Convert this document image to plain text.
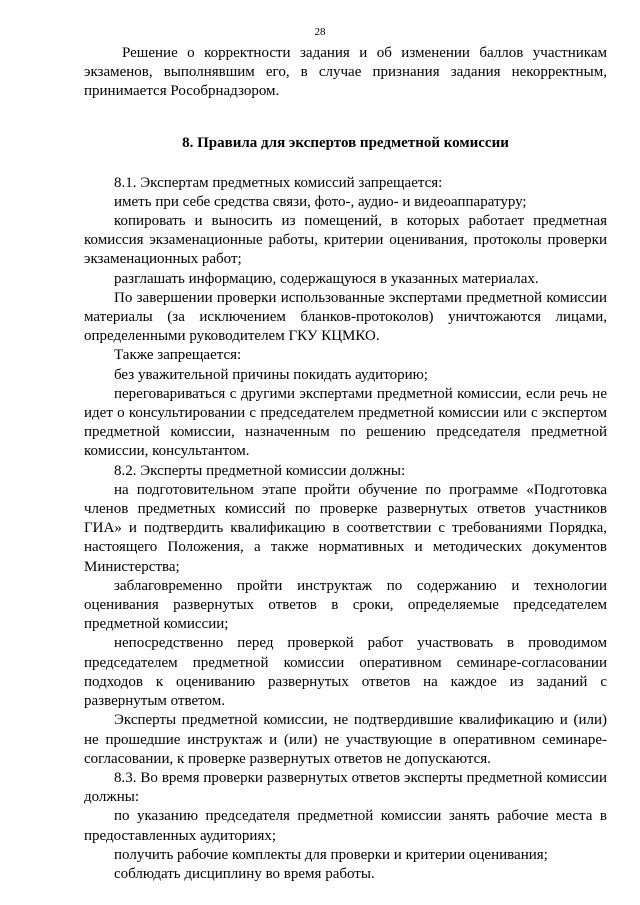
28

Решение о корректности задания и об изменении баллов участникам экзаменов, выполнявшим его, в случае признания задания некорректным, принимается Рособрнадзором.

8. Правила для экспертов предметной комиссии

8.1. Экспертам предметных комиссий запрещается:

иметь при себе средства связи, фото-, аудио- и видеоаппаратуру;

копировать и выносить из помещений, в которых работает предметная комиссия экзаменационные работы, критерии оценивания, протоколы проверки экзаменационных работ;

разглашать информацию, содержащуюся в указанных материалах.

По завершении проверки использованные экспертами предметной комиссии материалы (за исключением бланков-протоколов) уничтожаются лицами, определенными руководителем ГКУ КЦМКО.

Также запрещается:

без уважительной причины покидать аудиторию;

переговариваться с другими экспертами предметной комиссии, если речь не идет о консультировании с председателем предметной комиссии или с экспертом предметной комиссии, назначенным по решению председателя предметной комиссии, консультантом.

8.2. Эксперты предметной комиссии должны:

на подготовительном этапе пройти обучение по программе «Подготовка членов предметных комиссий по проверке развернутых ответов участников ГИА» и подтвердить квалификацию в соответствии с требованиями Порядка, настоящего Положения, а также нормативных и методических документов Министерства;

заблаговременно пройти инструктаж по содержанию и технологии оценивания развернутых ответов в сроки, определяемые председателем предметной комиссии;

непосредственно перед проверкой работ участвовать в проводимом председателем предметной комиссии оперативном семинаре-согласовании подходов к оцениванию развернутых ответов на каждое из заданий с развернутым ответом.

Эксперты предметной комиссии, не подтвердившие квалификацию и (или) не прошедшие инструктаж и (или) не участвующие в оперативном семинаре-согласовании, к проверке развернутых ответов не допускаются.

8.3. Во время проверки развернутых ответов эксперты предметной комиссии должны:

по указанию председателя предметной комиссии занять рабочие места в предоставленных аудиториях;

получить рабочие комплекты для проверки и критерии оценивания;

соблюдать дисциплину во время работы.
